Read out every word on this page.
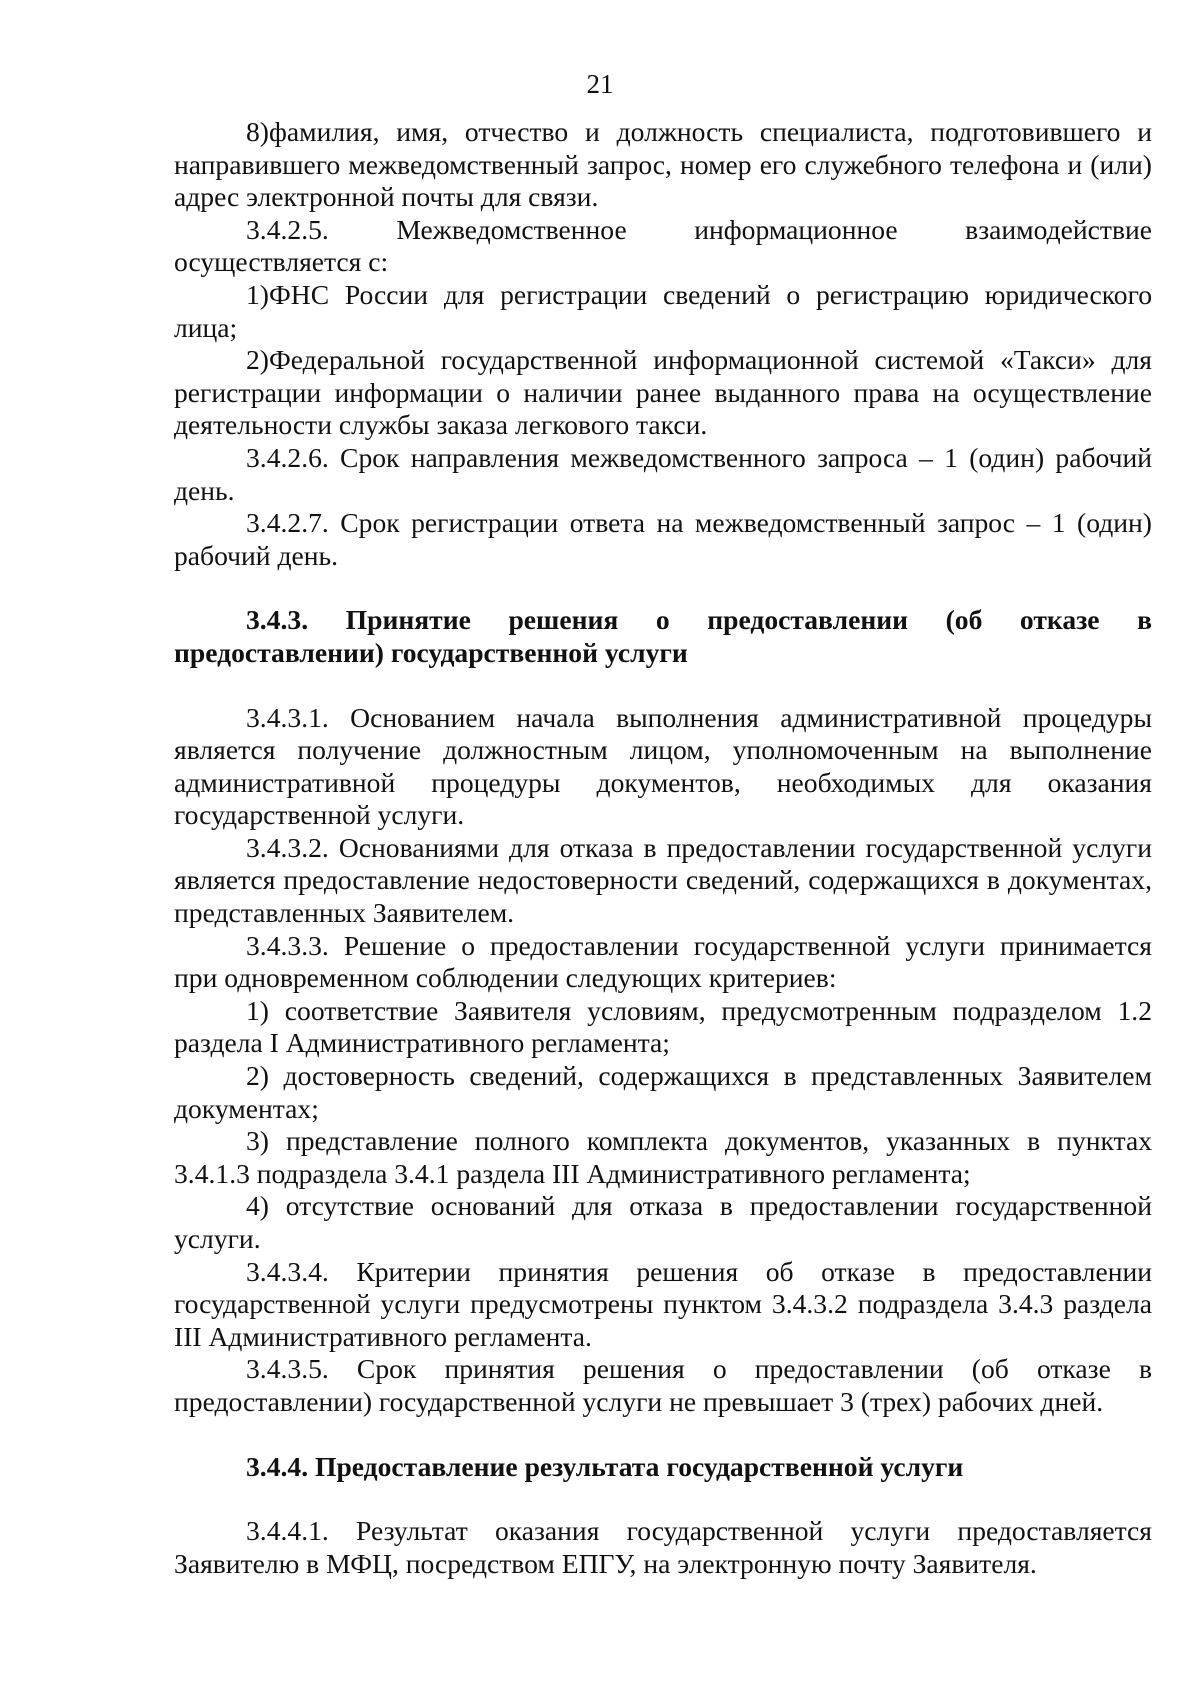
21

8)фамилия, имя, отчество и должность специалиста, подготовившего и направившего межведомственный запрос, номер его служебного телефона и (или) адрес электронной почты для связи.

3.4.2.5. Межведомственное информационное взаимодействие осуществляется с:

1)ФНС России для регистрации сведений о регистрацию юридического лица;

2)Федеральной государственной информационной системой «Такси» для регистрации информации о наличии ранее выданного права на осуществление деятельности службы заказа легкового такси.

3.4.2.6. Срок направления межведомственного запроса – 1 (один) рабочий день.

3.4.2.7. Срок регистрации ответа на межведомственный запрос – 1 (один) рабочий день.

3.4.3. Принятие решения о предоставлении (об отказе в предоставлении) государственной услуги

3.4.3.1. Основанием начала выполнения административной процедуры является получение должностным лицом, уполномоченным на выполнение административной процедуры документов, необходимых для оказания государственной услуги.

3.4.3.2. Основаниями для отказа в предоставлении государственной услуги является предоставление недостоверности сведений, содержащихся в документах, представленных Заявителем.

3.4.3.3. Решение о предоставлении государственной услуги принимается при одновременном соблюдении следующих критериев:

1) соответствие Заявителя условиям, предусмотренным подразделом 1.2 раздела I Административного регламента;

2) достоверность сведений, содержащихся в представленных Заявителем документах;

3) представление полного комплекта документов, указанных в пунктах 3.4.1.3 подраздела 3.4.1 раздела III Административного регламента;

4) отсутствие оснований для отказа в предоставлении государственной услуги.

3.4.3.4. Критерии принятия решения об отказе в предоставлении государственной услуги предусмотрены пунктом 3.4.3.2 подраздела 3.4.3 раздела III Административного регламента.

3.4.3.5. Срок принятия решения о предоставлении (об отказе в предоставлении) государственной услуги не превышает 3 (трех) рабочих дней.

3.4.4. Предоставление результата государственной услуги

3.4.4.1. Результат оказания государственной услуги предоставляется Заявителю в МФЦ, посредством ЕПГУ, на электронную почту Заявителя.
